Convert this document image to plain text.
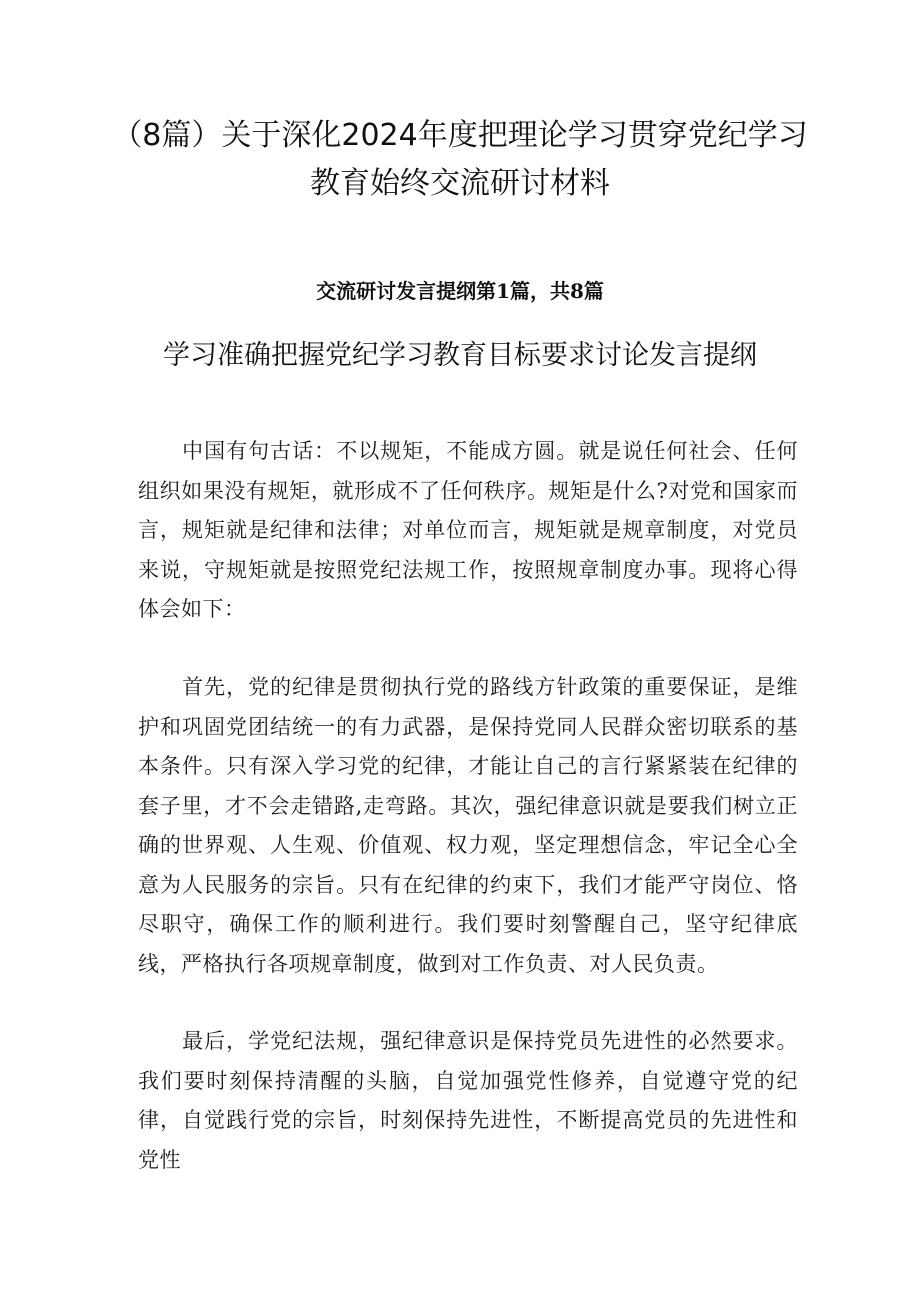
（8篇）关于深化2024年度把理论学习贯穿党纪学习教育始终交流研讨材料
交流研讨发言提纲第1篇，共8篇
学习准确把握党纪学习教育目标要求讨论发言提纲

中国有句古话：不以规矩，不能成方圆。就是说任何社会、任何组织如果没有规矩，就形成不了任何秩序。规矩是什么?对党和国家而言，规矩就是纪律和法律；对单位而言，规矩就是规章制度，对党员来说，守规矩就是按照党纪法规工作，按照规章制度办事。现将心得体会如下：

首先，党的纪律是贯彻执行党的路线方针政策的重要保证，是维护和巩固党团结统一的有力武器，是保持党同人民群众密切联系的基本条件。只有深入学习党的纪律，才能让自己的言行紧紧装在纪律的套子里，才不会走错路,走弯路。其次，强纪律意识就是要我们树立正确的世界观、人生观、价值观、权力观，坚定理想信念，牢记全心全意为人民服务的宗旨。只有在纪律的约束下，我们才能严守岗位、恪尽职守，确保工作的顺利进行。我们要时刻警醒自己，坚守纪律底线，严格执行各项规章制度，做到对工作负责、对人民负责。

最后，学党纪法规，强纪律意识是保持党员先进性的必然要求。我们要时刻保持清醒的头脑，自觉加强党性修养，自觉遵守党的纪律，自觉践行党的宗旨，时刻保持先进性，不断提高党员的先进性和党性
